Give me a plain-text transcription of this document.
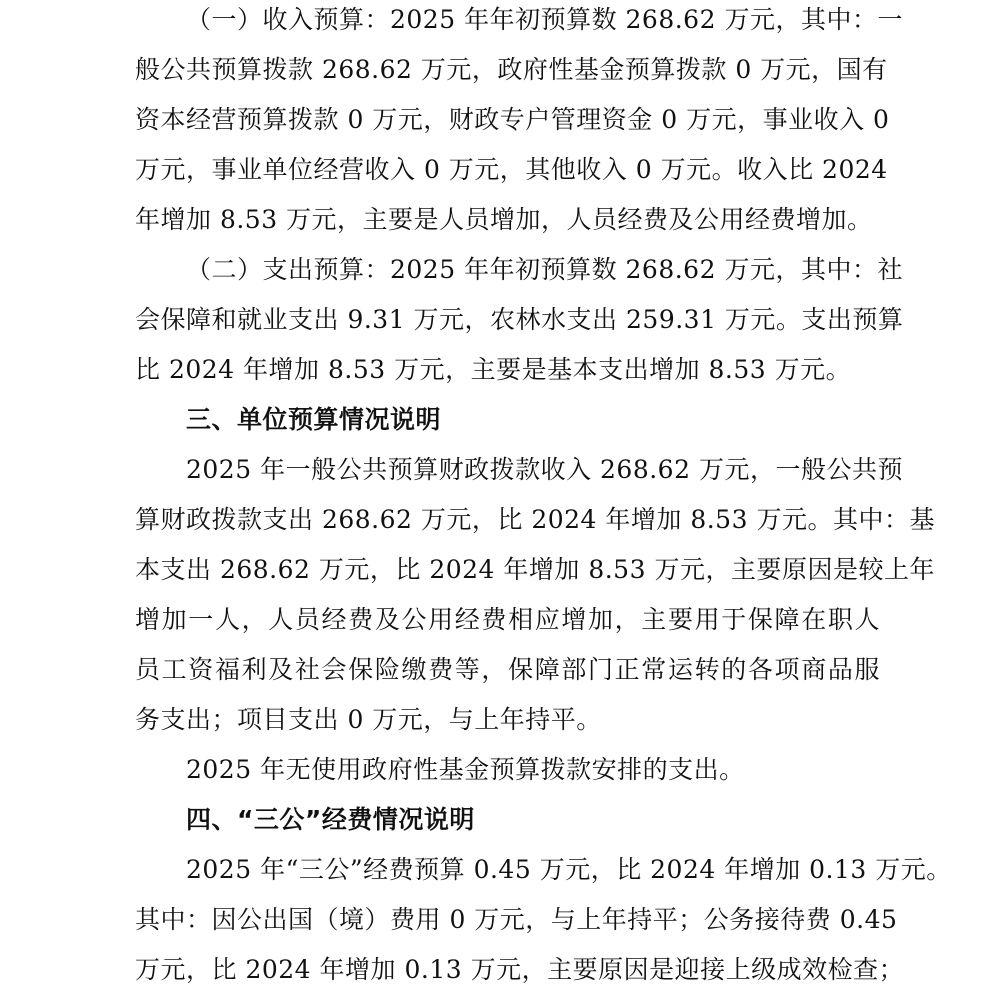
（一）收入预算：2025 年年初预算数 268.62 万元，其中：一
般公共预算拨款 268.62 万元，政府性基金预算拨款 0 万元，国有
资本经营预算拨款 0 万元，财政专户管理资金 0 万元，事业收入 0
万元，事业单位经营收入 0 万元，其他收入 0 万元。收入比 2024
年增加 8.53 万元，主要是人员增加，人员经费及公用经费增加。
（二）支出预算：2025 年年初预算数 268.62 万元，其中：社
会保障和就业支出 9.31 万元，农林水支出 259.31 万元。支出预算
比 2024 年增加 8.53 万元，主要是基本支出增加 8.53 万元。
三、单位预算情况说明
2025 年一般公共预算财政拨款收入 268.62 万元，一般公共预
算财政拨款支出 268.62 万元，比 2024 年增加 8.53 万元。其中：基
本支出 268.62 万元，比 2024 年增加 8.53 万元，主要原因是较上年
增加一人，人员经费及公用经费相应增加，主要用于保障在职人
员工资福利及社会保险缴费等，保障部门正常运转的各项商品服
务支出；项目支出 0 万元，与上年持平。
2025 年无使用政府性基金预算拨款安排的支出。
四、“三公”经费情况说明
2025 年“三公”经费预算 0.45 万元，比 2024 年增加 0.13 万元。
其中：因公出国（境）费用 0 万元，与上年持平；公务接待费 0.45
万元，比 2024 年增加 0.13 万元，主要原因是迎接上级成效检查；
